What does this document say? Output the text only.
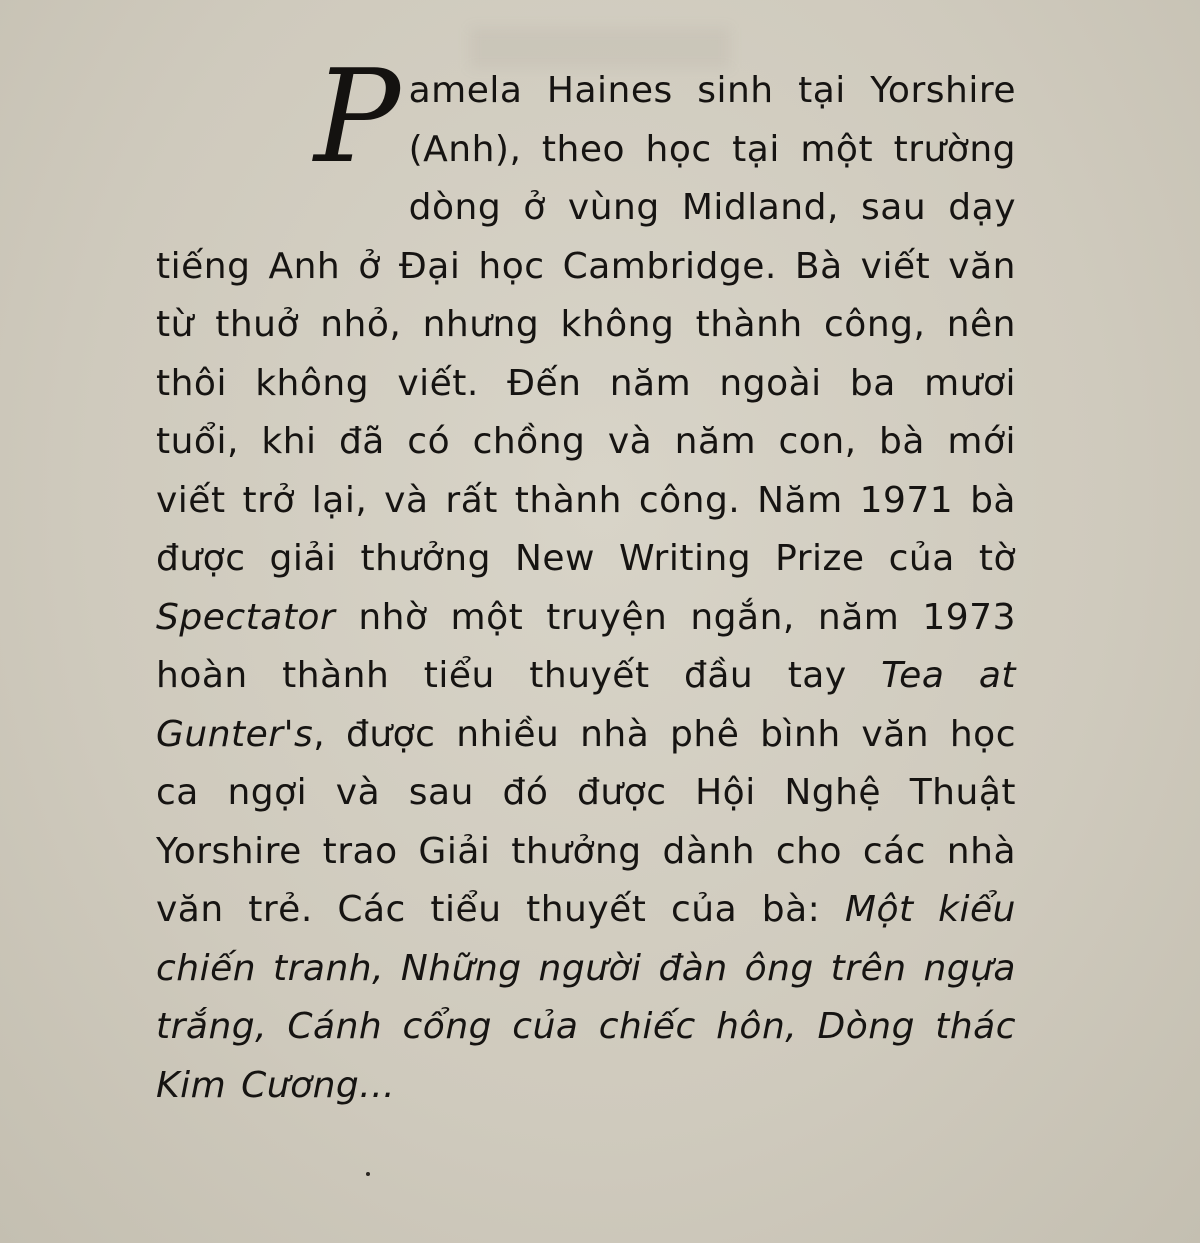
Pamela Haines sinh tại Yorshire (Anh), theo học tại một trường dòng ở vùng Midland, sau dạy tiếng Anh ở Đại học Cambridge. Bà viết văn từ thuở nhỏ, nhưng không thành công, nên thôi không viết. Đến năm ngoài ba mươi tuổi, khi đã có chồng và năm con, bà mới viết trở lại, và rất thành công. Năm 1971 bà được giải thưởng New Writing Prize của tờ Spectator nhờ một truyện ngắn, năm 1973 hoàn thành tiểu thuyết đầu tay Tea at Gunter's, được nhiều nhà phê bình văn học ca ngợi và sau đó được Hội Nghệ Thuật Yorshire trao Giải thưởng dành cho các nhà văn trẻ. Các tiểu thuyết của bà: Một kiểu chiến tranh, Những người đàn ông trên ngựa trắng, Cánh cổng của chiếc hôn, Dòng thác Kim Cương...
